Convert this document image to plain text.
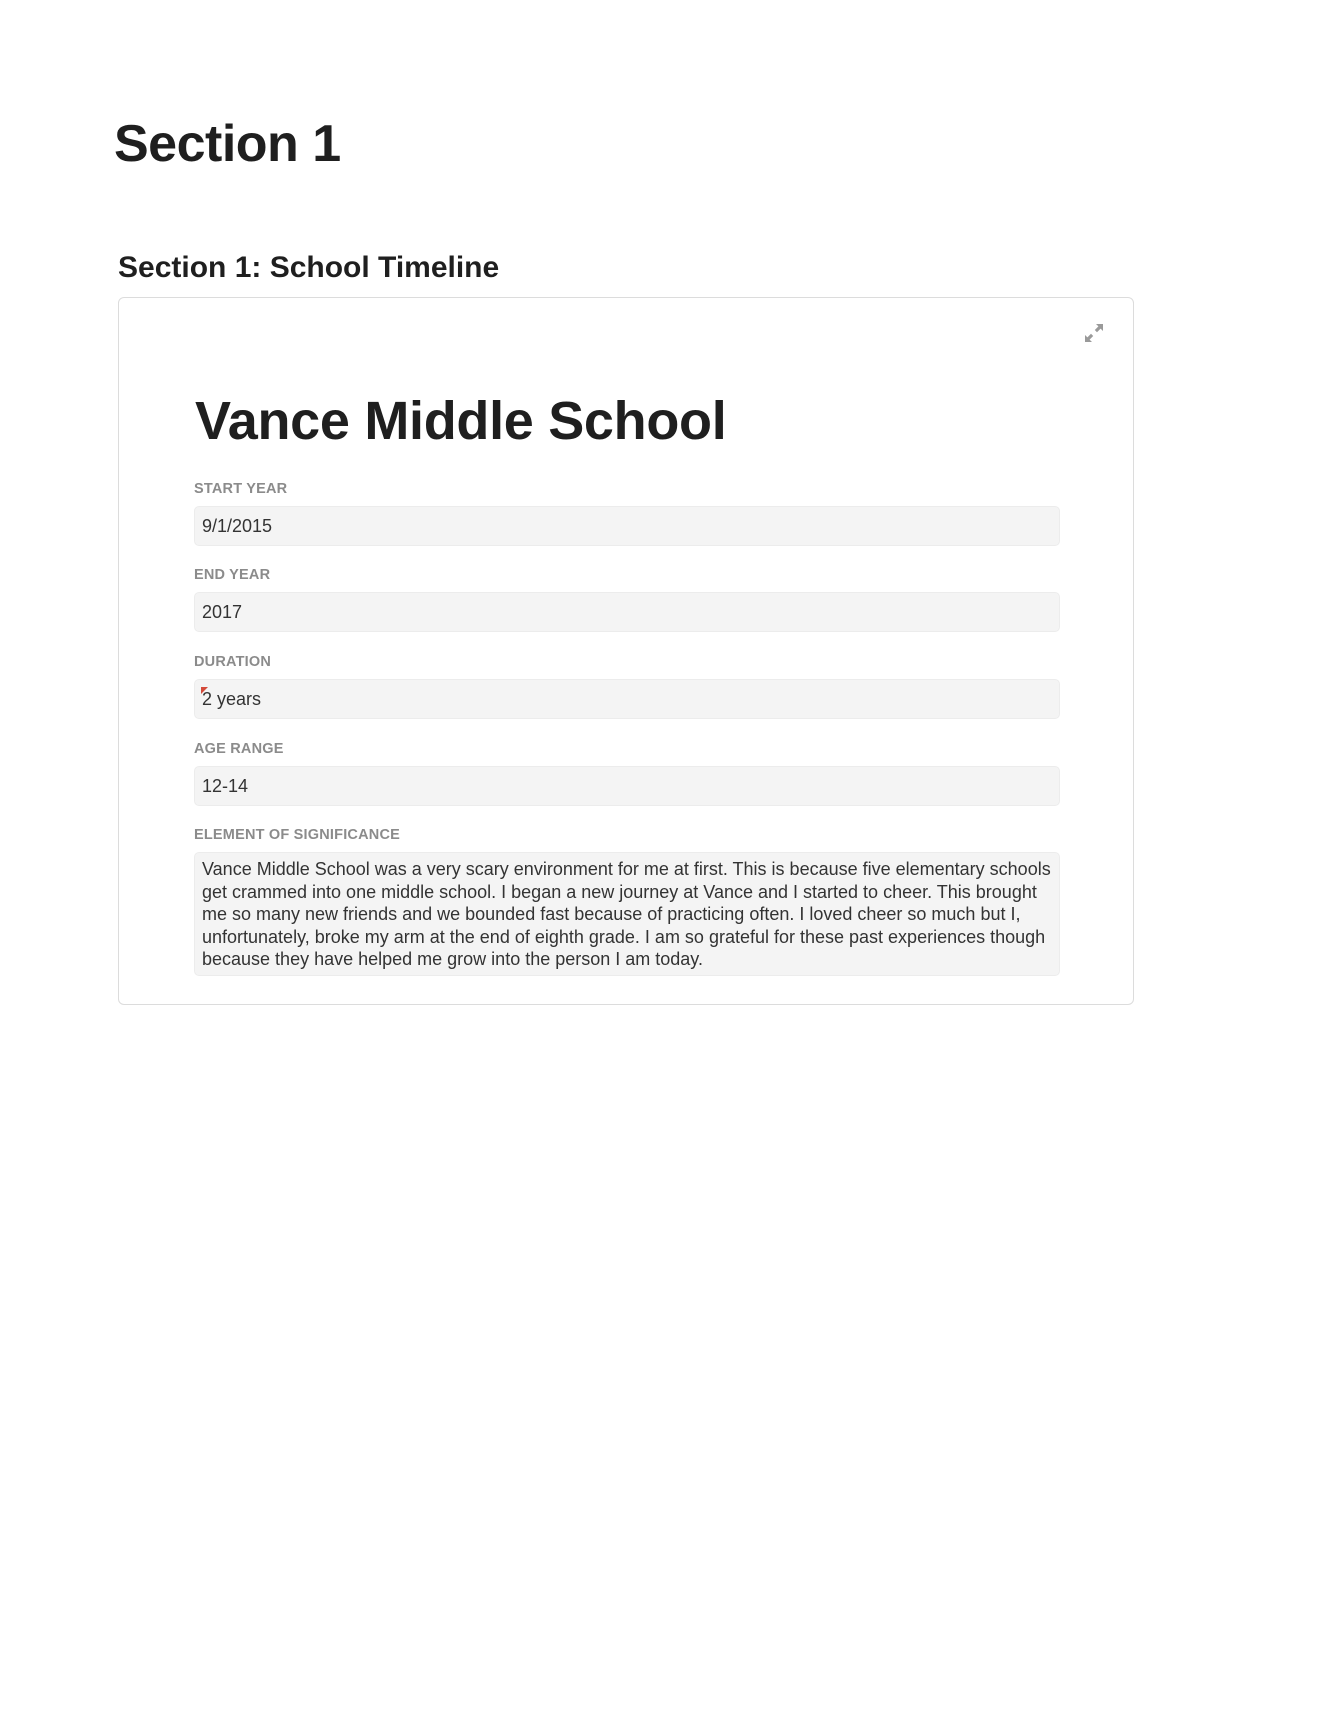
Section 1
Section 1: School Timeline
Vance Middle School
START YEAR
9/1/2015
END YEAR
2017
DURATION
2 years
AGE RANGE
12-14
ELEMENT OF SIGNIFICANCE
Vance Middle School was a very scary environment for me at first. This is because five elementary schools get crammed into one middle school. I began a new journey at Vance and I started to cheer. This brought me so many new friends and we bounded fast because of practicing often. I loved cheer so much but I, unfortunately, broke my arm at the end of eighth grade. I am so grateful for these past experiences though because they have helped me grow into the person I am today.
